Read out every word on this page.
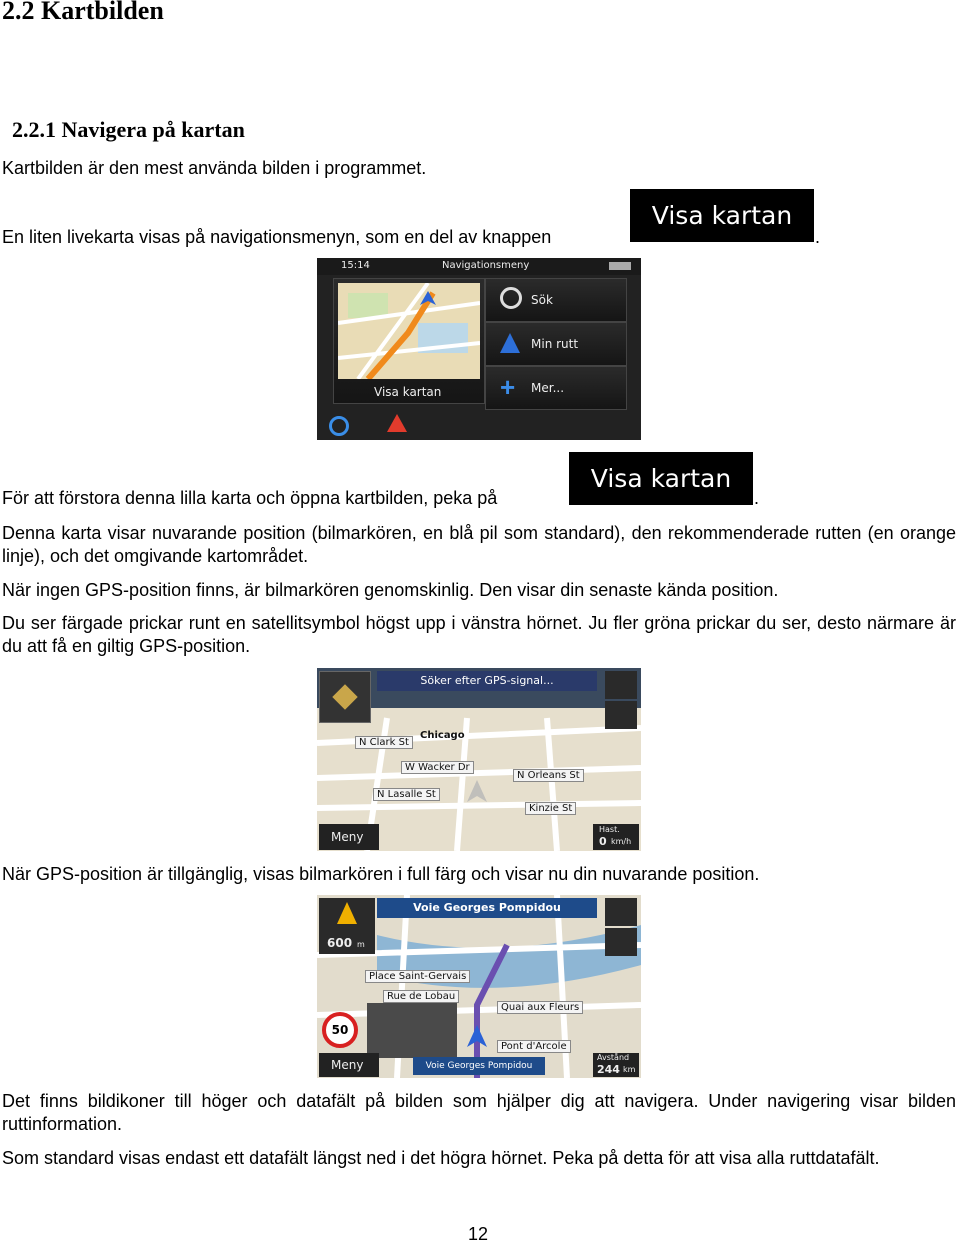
2.2 Kartbilden
2.2.1 Navigera på kartan
Kartbilden är den mest använda bilden i programmet.
En liten livekarta visas på navigationsmenyn, som en del av knappen
Visa kartan
.
15:14	Navigationsmeny
Visa kartan
Sök
Min rutt
+ Mer...
För att förstora denna lilla karta och öppna kartbilden, peka på
Visa kartan
.
Denna karta visar nuvarande position (bilmarkören, en blå pil som standard), den rekommenderade rutten (en orange linje), och det omgivande kartområdet.
När ingen GPS-position finns, är bilmarkören genomskinlig. Den visar din senaste kända position.
Du ser färgade prickar runt en satellitsymbol högst upp i vänstra hörnet. Ju fler gröna prickar du ser, desto närmare är du att få en giltig GPS-position.
Söker efter GPS-signal...
N Clark St
Chicago
W Wacker Dr
N Orleans St
N Lasalle St
Kinzie St
Meny
Hast.
0 km/h
När GPS-position är tillgänglig, visas bilmarkören i full färg och visar nu din nuvarande position.
Voie Georges Pompidou
600 m
Place Saint-Gervais
Rue de Lobau
Quai aux Fleurs
Pont d'Arcole
50
Meny	Voie Georges Pompidou
Avstånd
244 km
Det finns bildikoner till höger och datafält på bilden som hjälper dig att navigera. Under navigering visar bilden ruttinformation.
Som standard visas endast ett datafält längst ned i det högra hörnet. Peka på detta för att visa alla ruttdatafält.
12
